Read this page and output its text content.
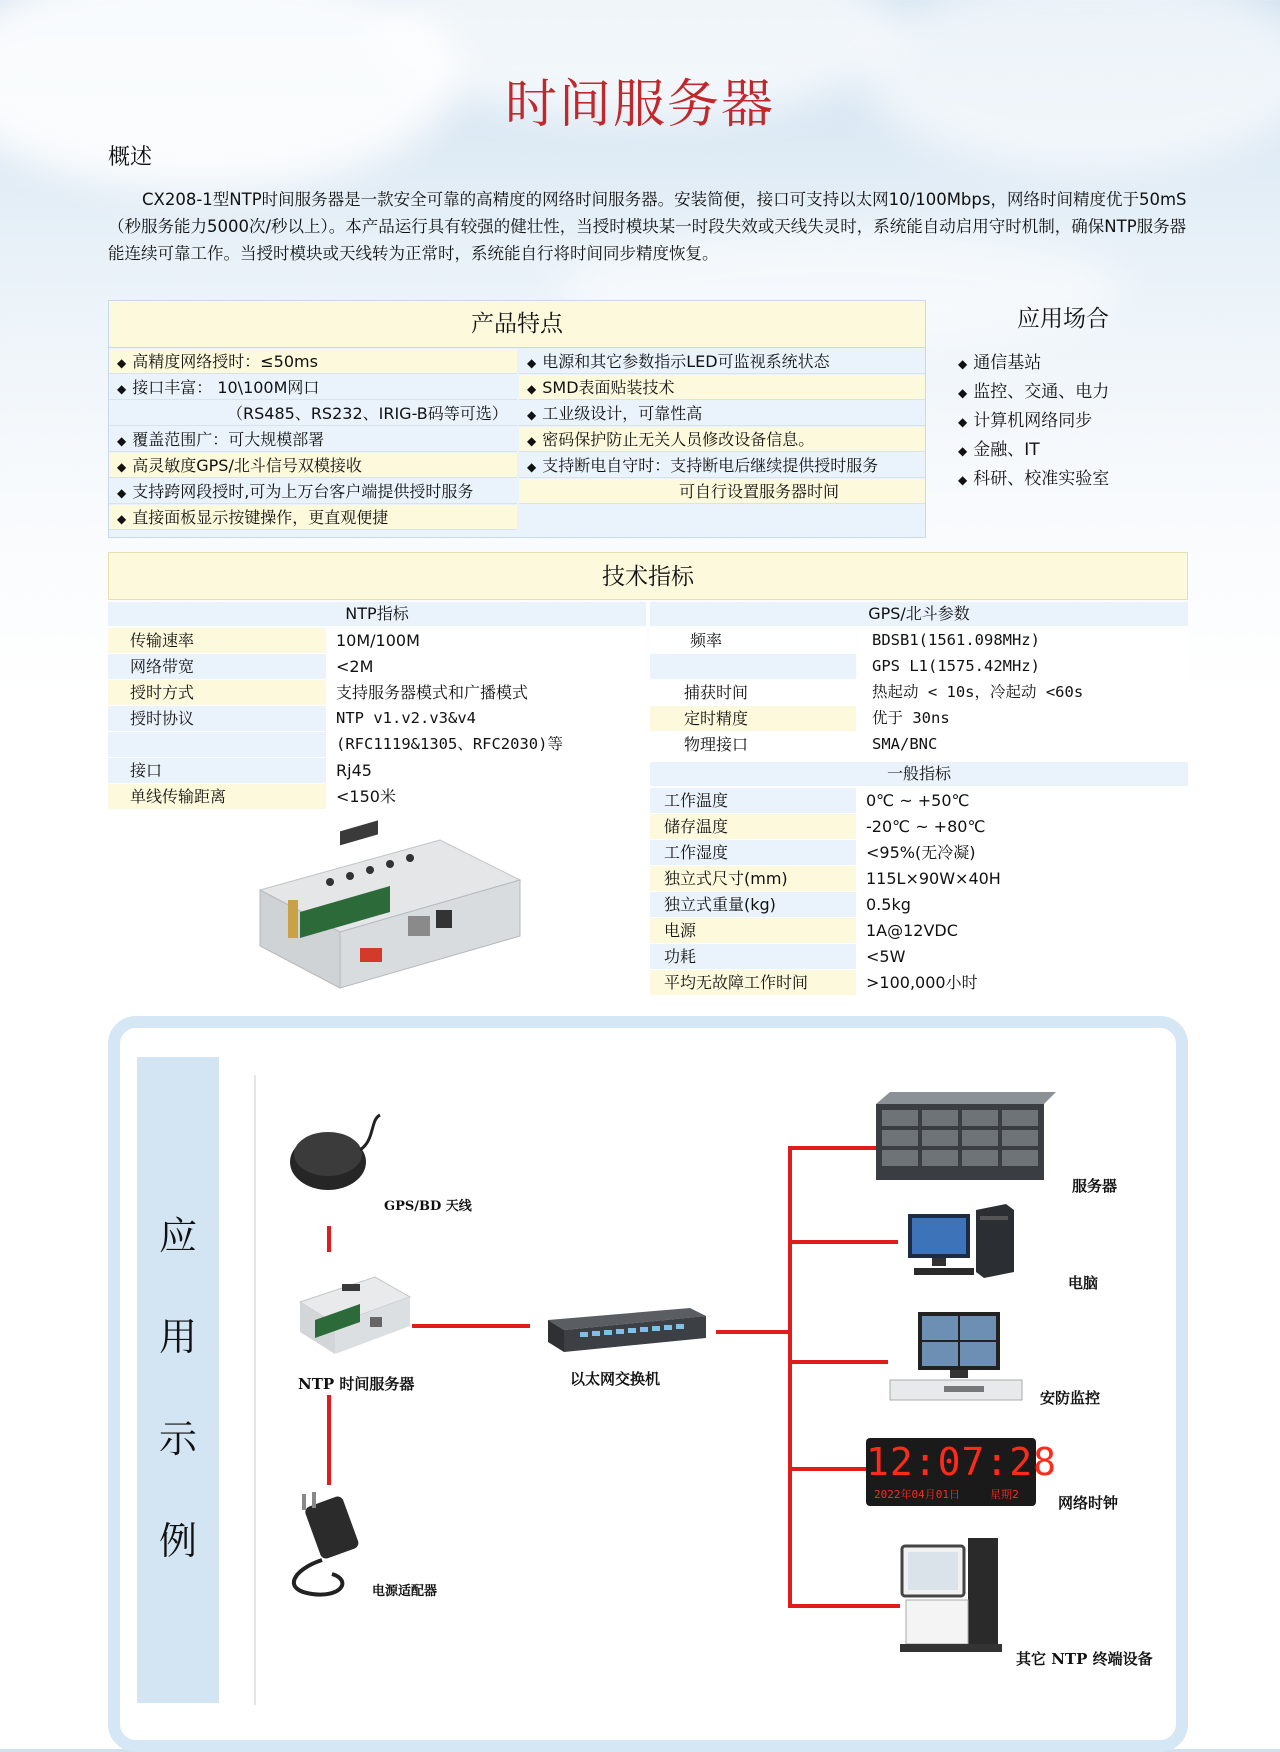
时间服务器
概述
CX208-1型NTP时间服务器是一款安全可靠的高精度的网络时间服务器。安装简便，接口可支持以太网10/100Mbps，网络时间精度优于50mS（秒服务能力5000次/秒以上）。本产品运行具有较强的健壮性，当授时模块某一时段失效或天线失灵时，系统能自动启用守时机制，确保NTP服务器能连续可靠工作。当授时模块或天线转为正常时，系统能自行将时间同步精度恢复。
产品特点
◆ 高精度网络授时：≤50ms
◆ 接口丰富： 10\100M网口
（RS485、RS232、IRIG-B码等可选）
◆ 覆盖范围广：可大规模部署
◆ 高灵敏度GPS/北斗信号双模接收
◆ 支持跨网段授时,可为上万台客户端提供授时服务
◆ 直接面板显示按键操作，更直观便捷
◆ 电源和其它参数指示LED可监视系统状态
◆ SMD表面贴装技术
◆ 工业级设计，可靠性高
◆ 密码保护防止无关人员修改设备信息。
◆ 支持断电自守时：支持断电后继续提供授时服务
可自行设置服务器时间
应用场合
◆ 通信基站
◆ 监控、交通、电力
◆ 计算机网络同步
◆ 金融、IT
◆ 科研、校准实验室
技术指标
NTP指标	GPS/北斗参数
传输速率	10M/100M
网络带宽	<2M
授时方式	支持服务器模式和广播模式
授时协议	NTP v1.v2.v3&v4
(RFC1119&1305、RFC2030)等
接口	Rj45
单线传输距离	<150米
频率	BDSB1(1561.098MHz)
GPS L1(1575.42MHz)
捕获时间	热起动 < 10s，冷起动 <60s
定时精度	优于 30ns
物理接口	SMA/BNC
一般指标
工作温度	0℃ ~ +50℃
储存温度	-20℃ ~ +80℃
工作湿度	<95%(无冷凝)
独立式尺寸(mm)	115L×90W×40H
独立式重量(kg)	0.5kg
电源	1A@12VDC
功耗	<5W
平均无故障工作时间	>100,000小时
应
用
示
例
GPS/BD 天线
NTP 时间服务器
电源适配器
以太网交换机
服务器
电脑
安防监控
12:07:28
2022年04月01日	星期2	网络时钟
其它 NTP 终端设备
